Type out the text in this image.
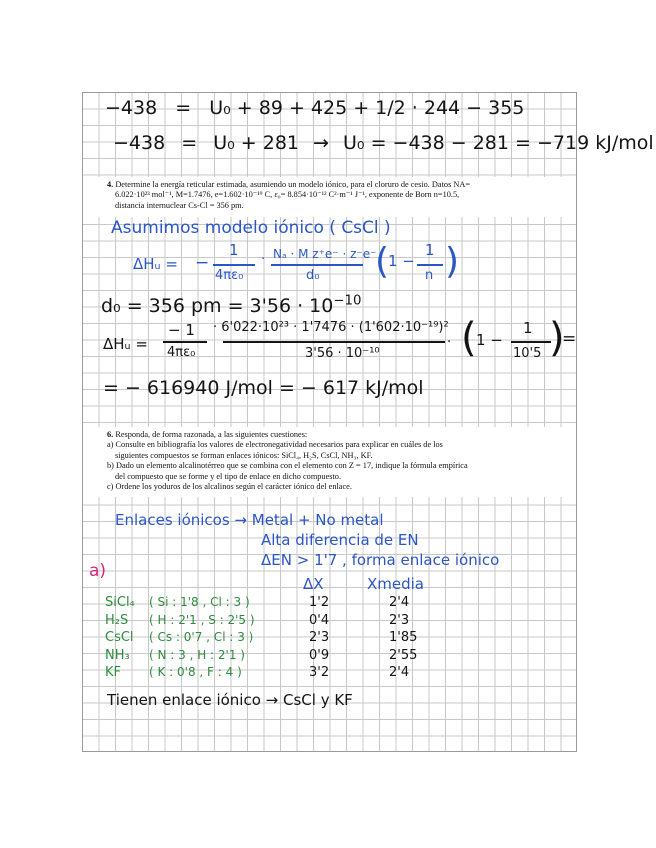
−438 = U₀ + 89 + 425 + 1/2 · 244 − 355
−438 = U₀ + 281 → U₀ = −438 − 281 = −719 kJ/mol
4. Determine la energía reticular estimada, asumiendo un modelo iónico, para el cloruro de cesio. Datos NA=
6.022·10²³ mol⁻¹, M=1.7476, e=1.602·10⁻¹⁹ C, ε₀= 8.854·10⁻¹² C²·m⁻¹ J⁻¹, exponente de Born n=10.5,
distancia internuclear Cs-Cl = 356 pm.
Asumimos modelo iónico ( CsCl )
ΔHᵤ = −
1
4πε₀
· Nₐ · M z⁺e⁻ · z⁻e⁻
d₀ (
1 −
1
n )
d₀ = 356 pm = $3'56 \cdot 10^{-10}$
ΔHᵤ =
− 1
4πε₀
· 6'022·10²³ · 1'7476 · (1'602·10⁻¹⁹)²
3'56 · 10⁻¹⁰
· ( 1 −
1
10'5 )
=
= − 616940 J/mol = − 617 kJ/mol
6. Responda, de forma razonada, a las siguientes cuestiones:
a) Consulte en bibliografía los valores de electronegatividad necesarios para explicar en cuáles de los
siguientes compuestos se forman enlaces iónicos: SiCl₄, H₂S, CsCl, NH₃, KF.
b) Dado un elemento alcalinotérreo que se combina con el elemento con Z = 17, indique la fórmula empírica
del compuesto que se forme y el tipo de enlace en dicho compuesto.
c) Ordene los yoduros de los alcalinos según el carácter iónico del enlace.
Enlaces iónicos → Metal + No metal
Alta diferencia de EN
ΔEN > 1'7 , forma enlace iónico
a)
ΔX	Xmedia
SiCl₄
H₂S
CsCl
NH₃
KF
( Si : 1'8 , Cl : 3 )
( H : 2'1 , S : 2'5 )
( Cs : 0'7 , Cl : 3 )
( N : 3 , H : 2'1 )
( K : 0'8 , F : 4 )
1'2
0'4
2'3
0'9
3'2
2'4
2'3
1'85
2'55
2'4
Tienen enlace iónico → CsCl y KF
